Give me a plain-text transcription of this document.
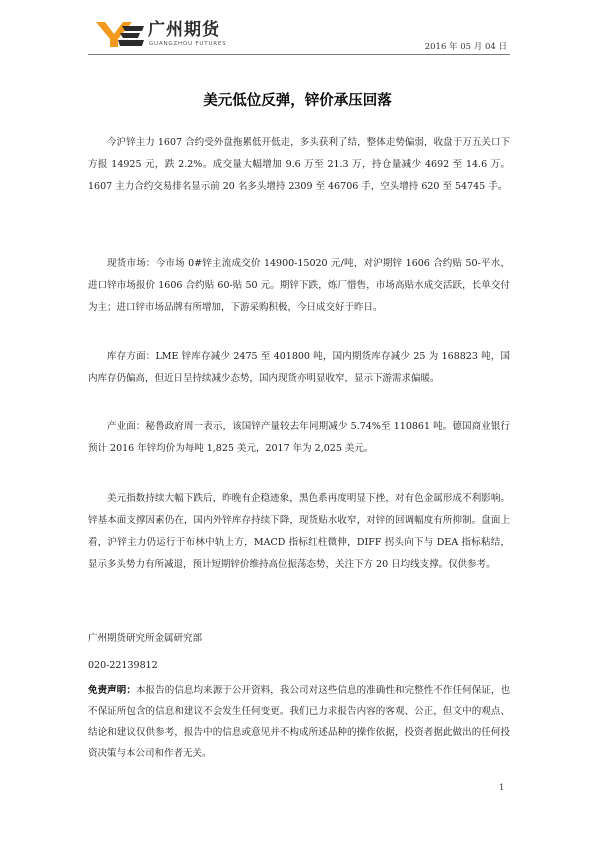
广州期货
GUANGZHOU FUTURES	2016 年 05 月 04 日
美元低位反弹，锌价承压回落

今沪锌主力 1607 合约受外盘拖累低开低走，多头获利了结，整体走势偏弱，收盘于万五关口下方报 14925 元，跌 2.2%。成交量大幅增加 9.6 万至 21.3 万，持仓量减少 4692 至 14.6 万。1607 主力合约交易排名显示前 20 名多头增持 2309 至 46706 手，空头增持 620 至 54745 手。

现货市场：今市场 0#锌主流成交价 14900-15020 元/吨，对沪期锌 1606 合约贴 50-平水，进口锌市场报价 1606 合约贴 60-贴 50 元。期锌下跌，炼厂惜售，市场高贴水成交活跃，长单交付为主；进口锌市场品牌有所增加，下游采购积极，今日成交好于昨日。

库存方面：LME 锌库存减少 2475 至 401800 吨，国内期货库存减少 25 为 168823 吨，国内库存仍偏高，但近日呈持续减少态势，国内现货亦明显收窄，显示下游需求偏暖。

产业面：秘鲁政府周一表示，该国锌产量较去年同期减少 5.74%至 110861 吨。德国商业银行预计 2016 年锌均价为每吨 1,825 美元，2017 年为 2,025 美元。

美元指数持续大幅下跌后，昨晚有企稳迹象，黑色系再度明显下挫，对有色金属形成不利影响。锌基本面支撑因素仍在，国内外锌库存持续下降，现货贴水收窄，对锌的回调幅度有所抑制。盘面上看，沪锌主力仍运行于布林中轨上方，MACD 指标红柱微伸，DIFF 拐头向下与 DEA 指标粘结，显示多头势力有所减退，预计短期锌价维持高位振荡态势，关注下方 20 日均线支撑。仅供参考。

广州期货研究所金属研究部
020-22139812

免责声明：本报告的信息均来源于公开资料，我公司对这些信息的准确性和完整性不作任何保证，也不保证所包含的信息和建议不会发生任何变更。我们已力求报告内容的客观、公正，但文中的观点、结论和建议仅供参考，报告中的信息或意见并不构成所述品种的操作依据，投资者据此做出的任何投资决策与本公司和作者无关。

1
